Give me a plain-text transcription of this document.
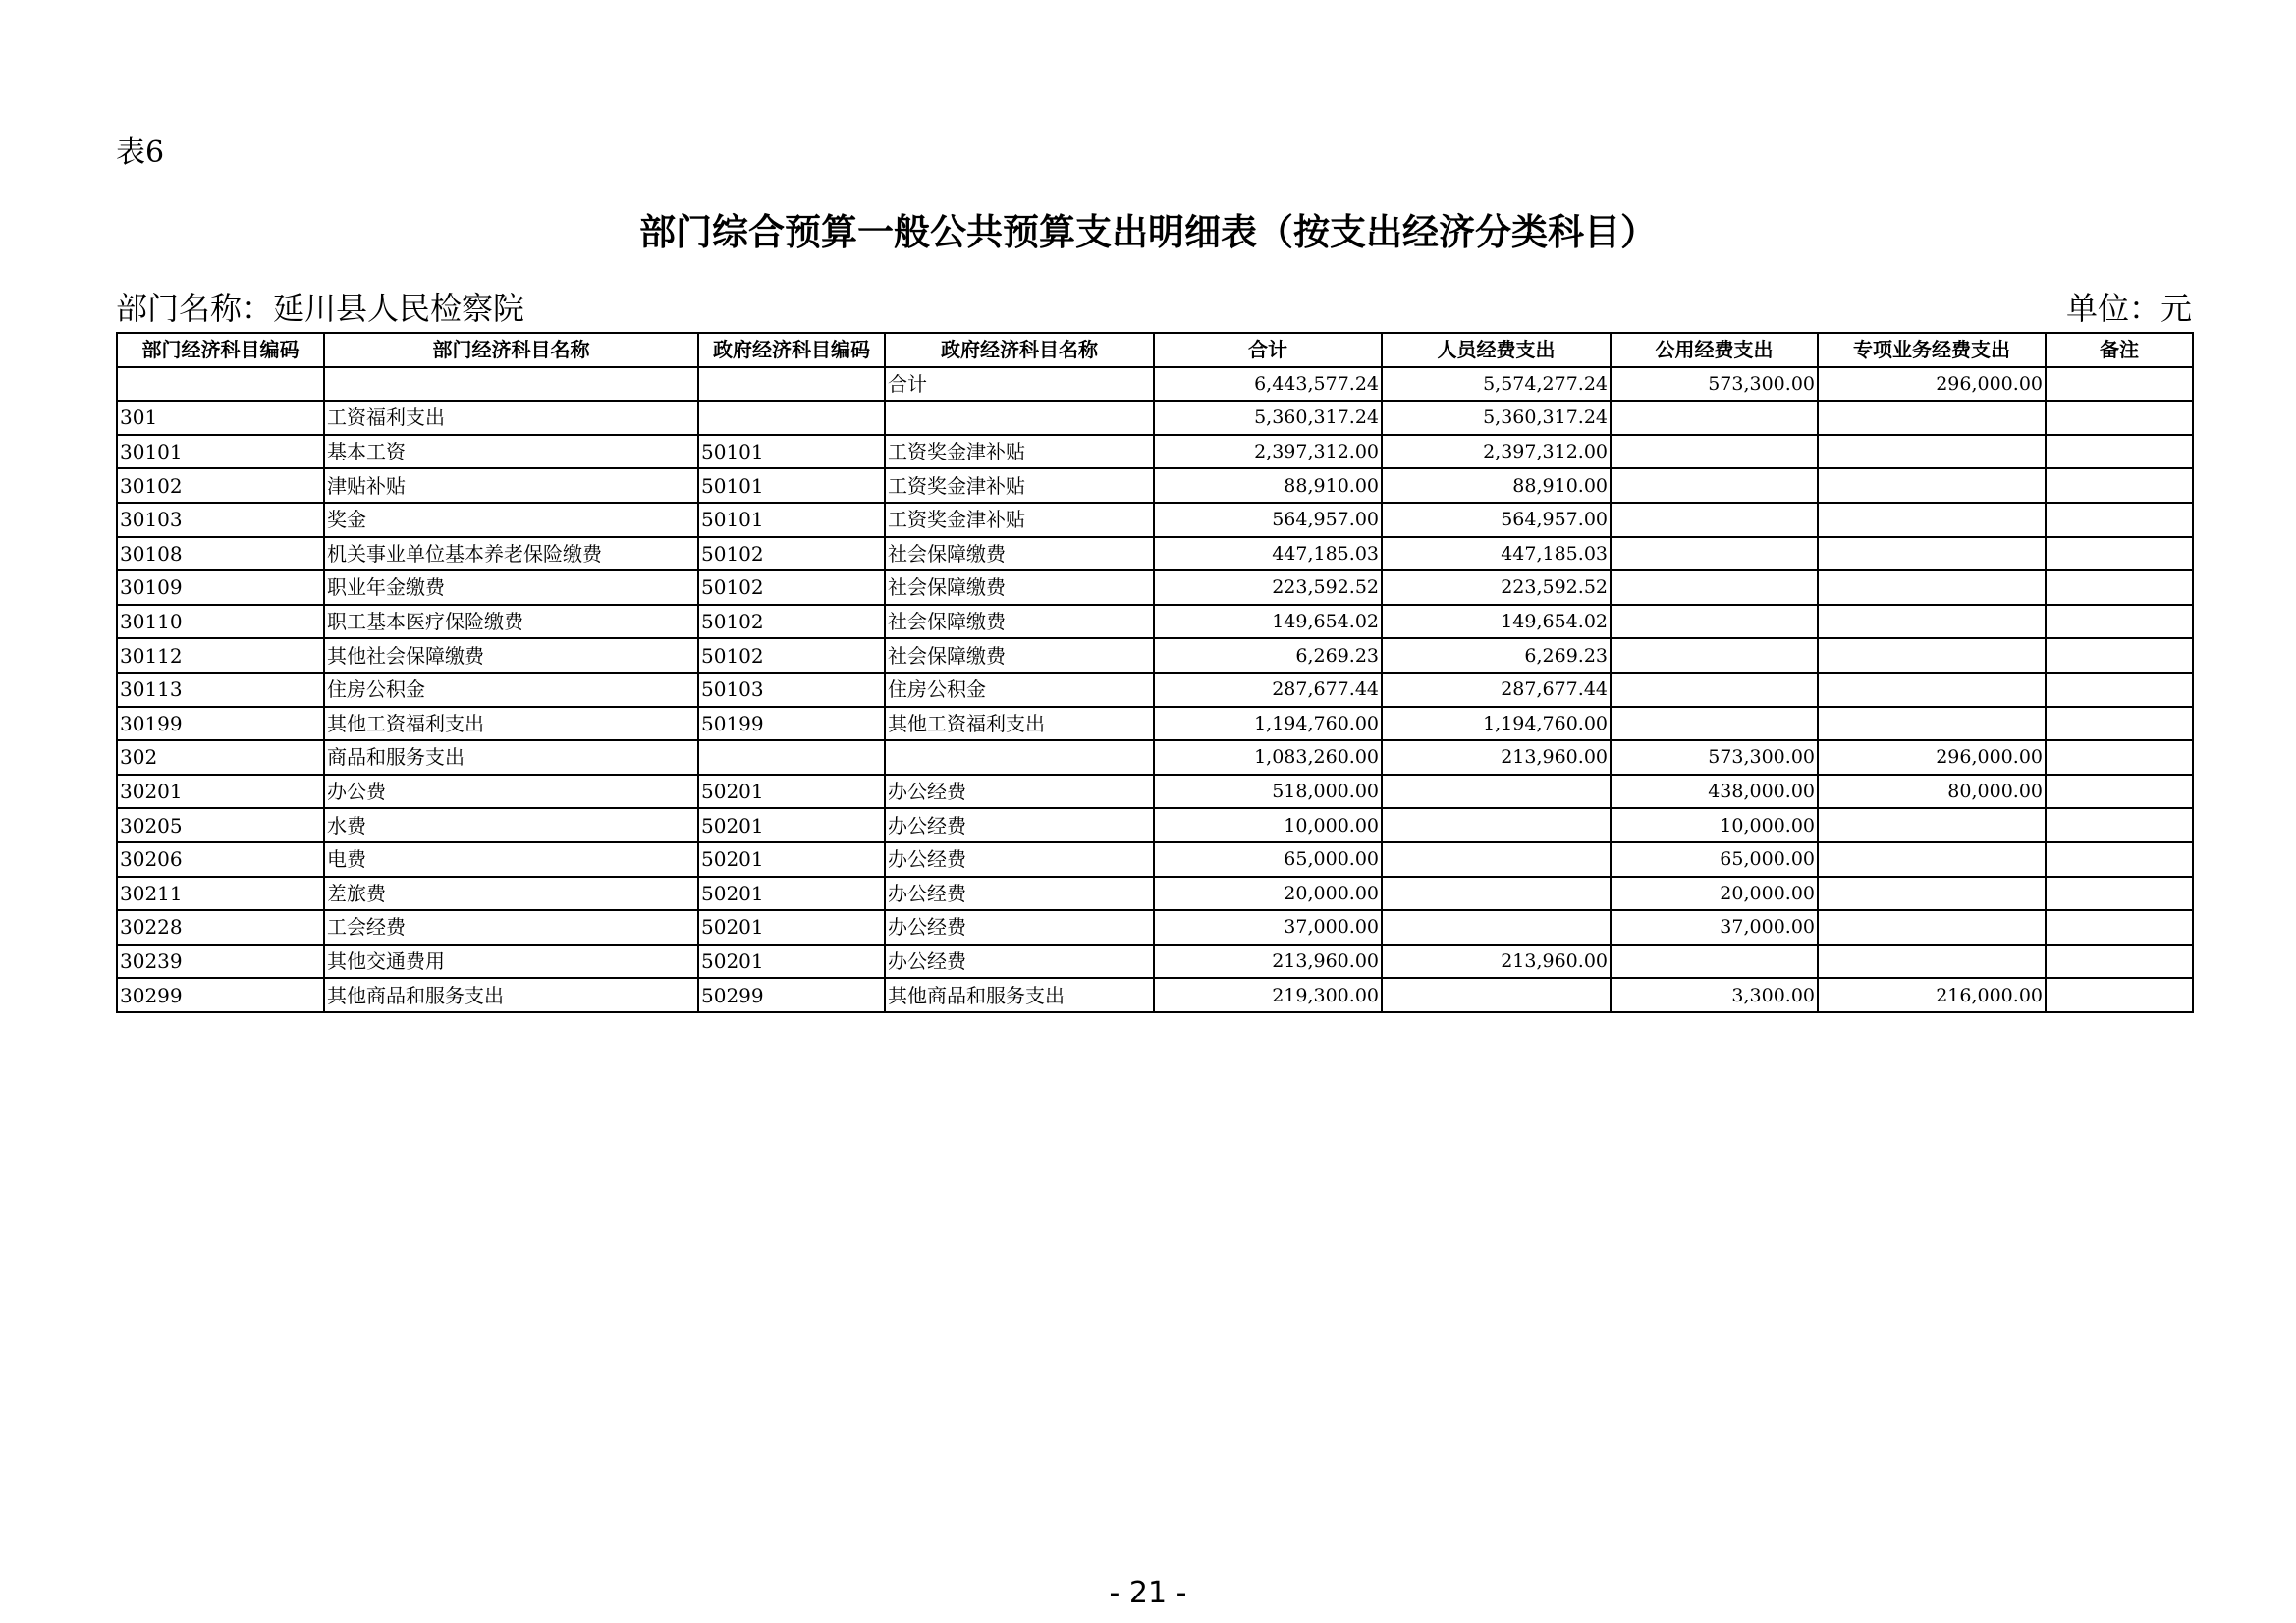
表6
部门综合预算一般公共预算支出明细表（按支出经济分类科目）
部门名称：延川县人民检察院	单位：元
部门经济科目编码	部门经济科目名称	政府经济科目编码	政府经济科目名称	合计	人员经费支出	公用经费支出	专项业务经费支出	备注
			合计	6,443,577.24	5,574,277.24	573,300.00	296,000.00	
301	工资福利支出			5,360,317.24	5,360,317.24			
30101	基本工资	50101	工资奖金津补贴	2,397,312.00	2,397,312.00			
30102	津贴补贴	50101	工资奖金津补贴	88,910.00	88,910.00			
30103	奖金	50101	工资奖金津补贴	564,957.00	564,957.00			
30108	机关事业单位基本养老保险缴费	50102	社会保障缴费	447,185.03	447,185.03			
30109	职业年金缴费	50102	社会保障缴费	223,592.52	223,592.52			
30110	职工基本医疗保险缴费	50102	社会保障缴费	149,654.02	149,654.02			
30112	其他社会保障缴费	50102	社会保障缴费	6,269.23	6,269.23			
30113	住房公积金	50103	住房公积金	287,677.44	287,677.44			
30199	其他工资福利支出	50199	其他工资福利支出	1,194,760.00	1,194,760.00			
302	商品和服务支出			1,083,260.00	213,960.00	573,300.00	296,000.00	
30201	办公费	50201	办公经费	518,000.00		438,000.00	80,000.00	
30205	水费	50201	办公经费	10,000.00		10,000.00		
30206	电费	50201	办公经费	65,000.00		65,000.00		
30211	差旅费	50201	办公经费	20,000.00		20,000.00		
30228	工会经费	50201	办公经费	37,000.00		37,000.00		
30239	其他交通费用	50201	办公经费	213,960.00	213,960.00			
30299	其他商品和服务支出	50299	其他商品和服务支出	219,300.00		3,300.00	216,000.00	
- 21 -
